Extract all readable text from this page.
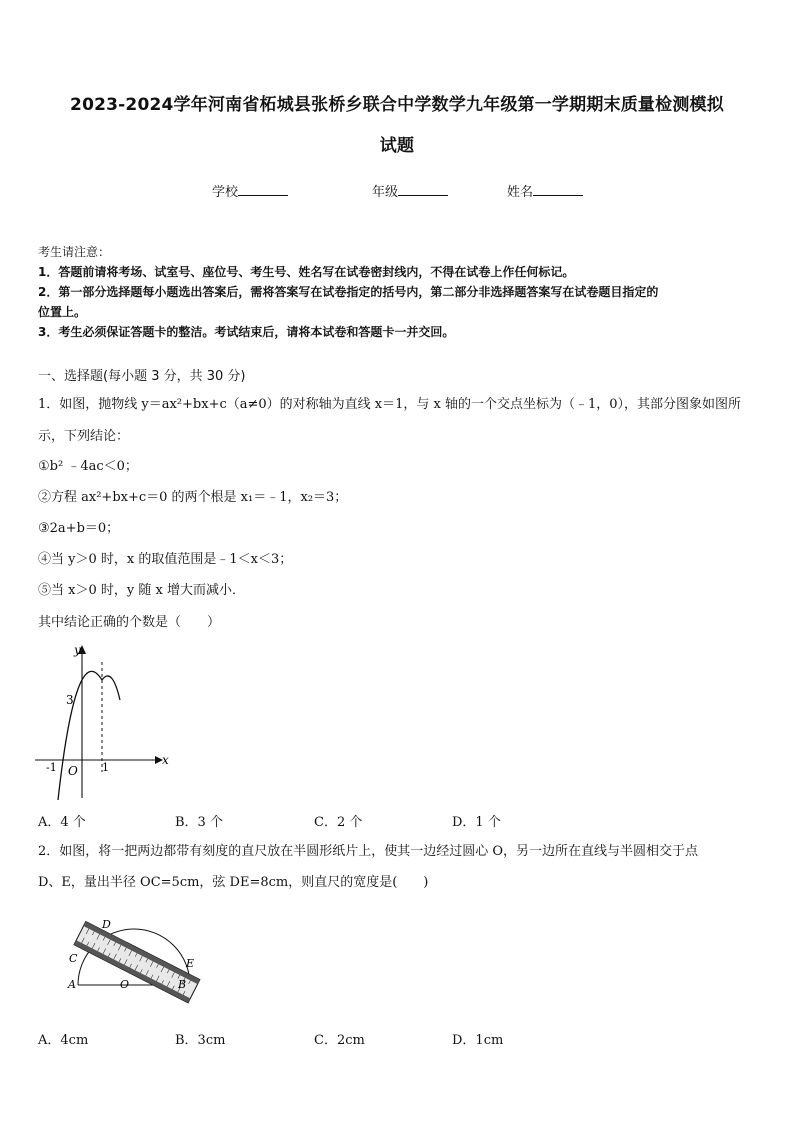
2023-2024学年河南省柘城县张桥乡联合中学数学九年级第一学期期末质量检测模拟
试题
学校	年级	姓名
考生请注意：
1．答题前请将考场、试室号、座位号、考生号、姓名写在试卷密封线内，不得在试卷上作任何标记。
2．第一部分选择题每小题选出答案后，需将答案写在试卷指定的括号内，第二部分非选择题答案写在试卷题目指定的
位置上。
3．考生必须保证答题卡的整洁。考试结束后，请将本试卷和答题卡一并交回。
一、选择题(每小题 3 分，共 30 分)
1．如图，抛物线 y＝ax²+bx+c（a≠0）的对称轴为直线 x＝1，与 x 轴的一个交点坐标为（﹣1，0），其部分图象如图所
示，下列结论：
①b² ﹣4ac＜0；
②方程 ax²+bx+c＝0 的两个根是 x₁＝﹣1，x₂＝3；
③2a+b＝0；
④当 y＞0 时，x 的取值范围是﹣1＜x＜3；
⑤当 x＞0 时，y 随 x 增大而减小．
其中结论正确的个数是（　　）
y
x
3
O
-1	1
A．4 个	B．3 个	C．2 个	D．1 个
2．如图，将一把两边都带有刻度的直尺放在半圆形纸片上，使其一边经过圆心 O，另一边所在直线与半圆相交于点
D、E，量出半径 OC=5cm，弦 DE=8cm，则直尺的宽度是(　　)
D
C
A	O
E
B
A．4cm	B．3cm	C．2cm	D．1cm
